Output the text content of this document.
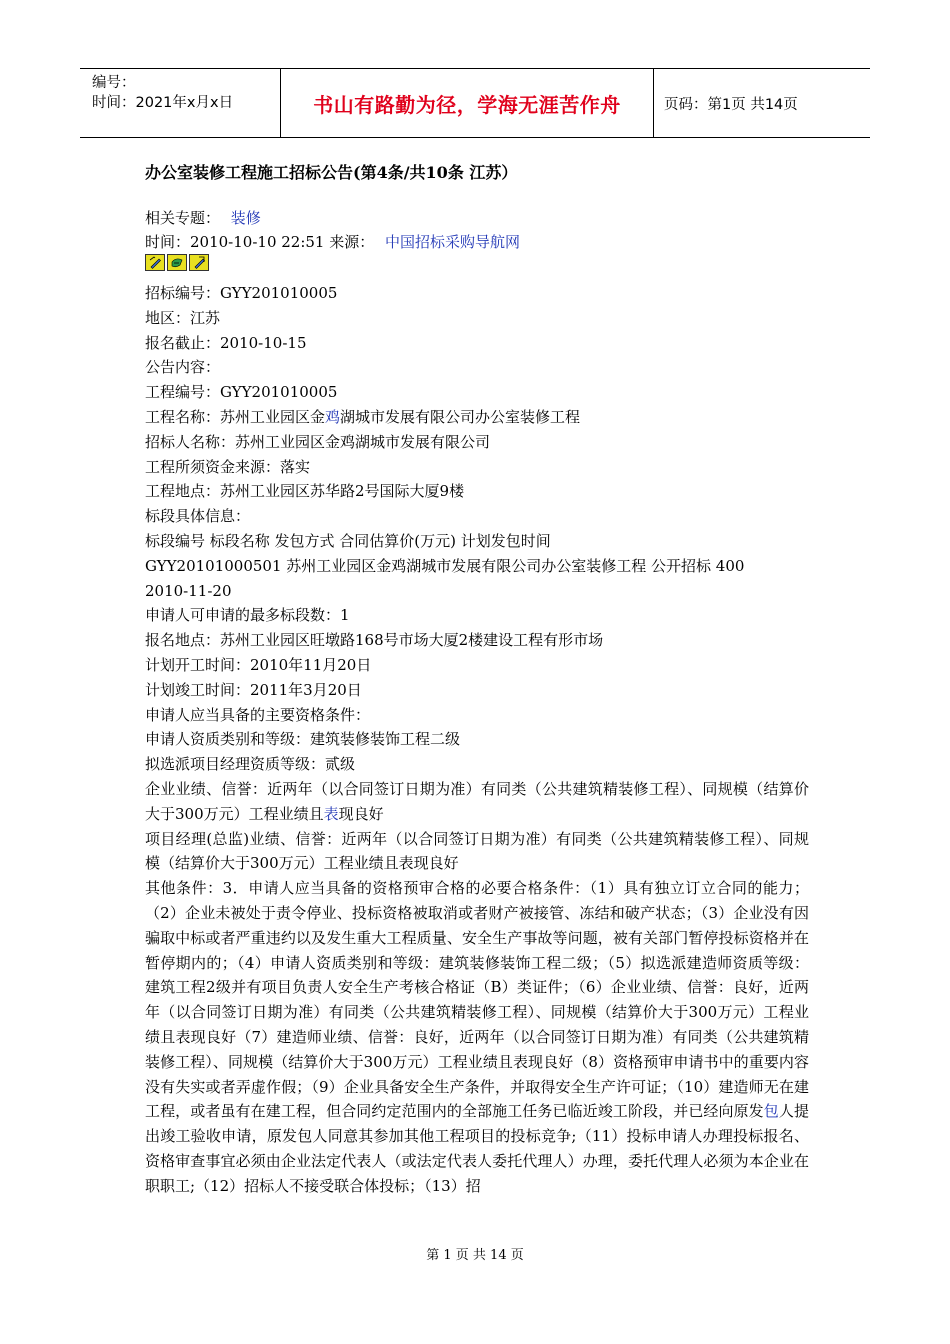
编号：
时间：2021年x月x日	书山有路勤为径，学海无涯苦作舟	页码：第1页 共14页
办公室装修工程施工招标公告(第4条/共10条 江苏）
相关专题： 装修
时间：2010-10-10 22:51 来源： 中国招标采购导航网
招标编号：GYY201010005
地区：江苏
报名截止：2010-10-15
公告内容：
工程编号：GYY201010005
工程名称：苏州工业园区金鸡湖城市发展有限公司办公室装修工程
招标人名称：苏州工业园区金鸡湖城市发展有限公司
工程所须资金来源：落实
工程地点：苏州工业园区苏华路2号国际大厦9楼
标段具体信息：
标段编号 标段名称 发包方式 合同估算价(万元) 计划发包时间
GYY20101000501 苏州工业园区金鸡湖城市发展有限公司办公室装修工程 公开招标 400
2010-11-20
申请人可申请的最多标段数：1
报名地点：苏州工业园区旺墩路168号市场大厦2楼建设工程有形市场
计划开工时间：2010年11月20日
计划竣工时间：2011年3月20日
申请人应当具备的主要资格条件：
申请人资质类别和等级：建筑装修装饰工程二级
拟选派项目经理资质等级：贰级
企业业绩、信誉：近两年（以合同签订日期为准）有同类（公共建筑精装修工程）、同规模（结算价大于300万元）工程业绩且表现良好
项目经理(总监)业绩、信誉：近两年（以合同签订日期为准）有同类（公共建筑精装修工程）、同规模（结算价大于300万元）工程业绩且表现良好
其他条件：3．申请人应当具备的资格预审合格的必要合格条件：（1）具有独立订立合同的能力；（2）企业未被处于责令停业、投标资格被取消或者财产被接管、冻结和破产状态；（3）企业没有因骗取中标或者严重违约以及发生重大工程质量、安全生产事故等问题，被有关部门暂停投标资格并在暂停期内的；（4）申请人资质类别和等级：建筑装修装饰工程二级；（5）拟选派建造师资质等级：建筑工程2级并有项目负责人安全生产考核合格证（B）类证件；（6）企业业绩、信誉：良好，近两年（以合同签订日期为准）有同类（公共建筑精装修工程）、同规模（结算价大于300万元）工程业绩且表现良好（7）建造师业绩、信誉：良好，近两年（以合同签订日期为准）有同类（公共建筑精装修工程）、同规模（结算价大于300万元）工程业绩且表现良好（8）资格预审申请书中的重要内容没有失实或者弄虚作假；（9）企业具备安全生产条件，并取得安全生产许可证；（10）建造师无在建工程，或者虽有在建工程，但合同约定范围内的全部施工任务已临近竣工阶段，并已经向原发包人提出竣工验收申请，原发包人同意其参加其他工程项目的投标竞争;（11）投标申请人办理投标报名、资格审查事宜必须由企业法定代表人（或法定代表人委托代理人）办理，委托代理人必须为本企业在职职工;（12）招标人不接受联合体投标；（13）招
第 1 页 共 14 页
